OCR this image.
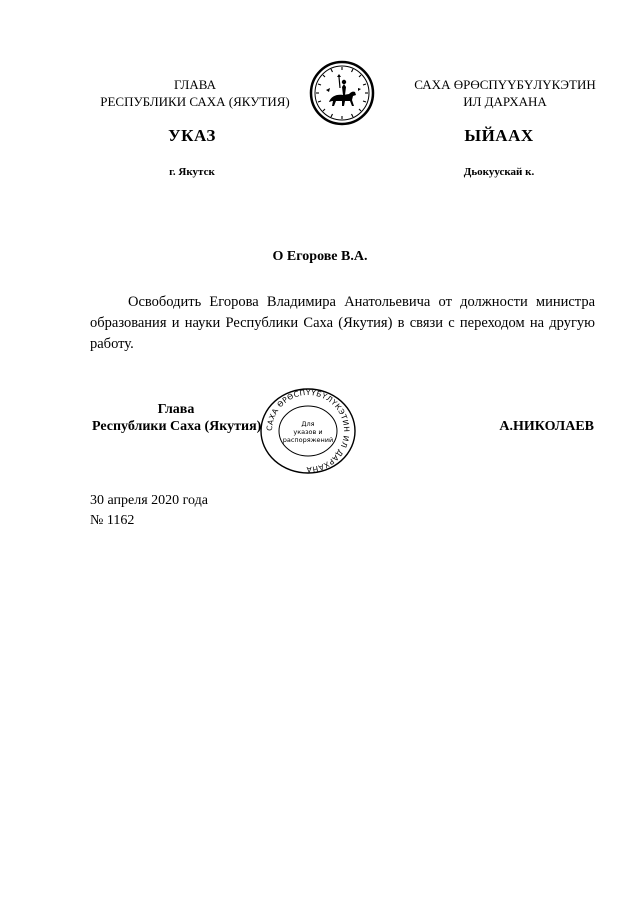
ГЛАВА
РЕСПУБЛИКИ САХА (ЯКУТИЯ)
САХА ӨРӨСПҮҮБҮЛҮКЭТИН
ИЛ ДАРХАНА
УКАЗ	ЫЙААХ
г. Якутск	Дьокуускай к.
О Егорове В.А.
Освободить Егорова Владимира Анатольевича от должности министра образования и науки Республики Саха (Якутия) в связи с переходом на другую работу.
САХА ӨРӨСПҮҮБҮЛҮКЭТИН ИЛ ДАРХАНА
Для
указов и
распоряжений
Глава
Республики Саха (Якутия)	А.НИКОЛАЕВ
30 апреля 2020 года
№ 1162
